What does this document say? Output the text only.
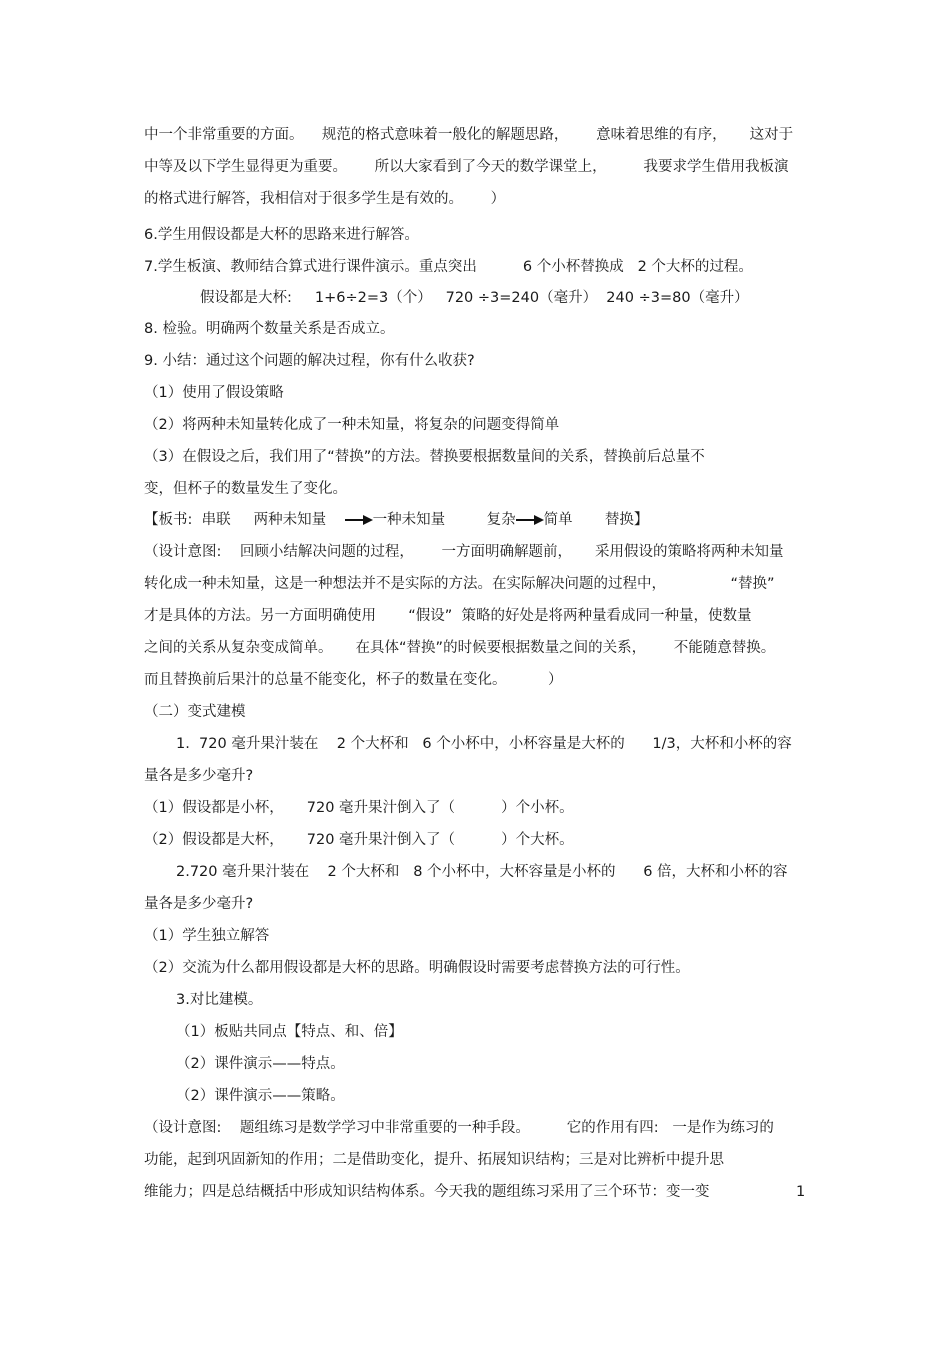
中一个非常重要的方面。    规范的格式意味着一般化的解题思路，      意味着思维的有序，     这对于
中等及以下学生显得更为重要。      所以大家看到了今天的数学课堂上，        我要求学生借用我板演
的格式进行解答，我相信对于很多学生是有效的。      ）
6.学生用假设都是大杯的思路来进行解答。
7.学生板演、教师结合算式进行课件演示。重点突出          6 个小杯替换成   2 个大杯的过程。
假设都是大杯:     1+6÷2=3（个）   720 ÷3=240（毫升）  240 ÷3=80（毫升）
8. 检验。明确两个数量关系是否成立。
9. 小结：通过这个问题的解决过程，你有什么收获?
（1）使用了假设策略
（2）将两种未知量转化成了一种未知量，将复杂的问题变得简单
（3）在假设之后，我们用了“替换”的方法。替换要根据数量间的关系，替换前后总量不
变，但杯子的数量发生了变化。
【板书:  串联     两种未知量    一种未知量         复杂 简单       替换】
（设计意图:    回顾小结解决问题的过程，      一方面明确解题前，     采用假设的策略将两种未知量
转化成一种未知量，这是一种想法并不是实际的方法。在实际解决问题的过程中，              “替换”
才是具体的方法。另一方面明确使用       “假设”  策略的好处是将两种量看成同一种量，使数量
之间的关系从复杂变成简单。     在具体“替换”的时候要根据数量之间的关系，      不能随意替换。
而且替换前后果汁的总量不能变化，杯子的数量在变化。         ）
（二）变式建模
1.  720 毫升果汁装在    2 个大杯和   6 个小杯中，小杯容量是大杯的      1/3，大杯和小杯的容
量各是多少毫升?
（1）假设都是小杯，     720 毫升果汁倒入了（          ）个小杯。
（2）假设都是大杯，     720 毫升果汁倒入了（          ）个大杯。
2.720 毫升果汁装在    2 个大杯和   8 个小杯中，大杯容量是小杯的      6 倍，大杯和小杯的容
量各是多少毫升?
（1）学生独立解答
（2）交流为什么都用假设都是大杯的思路。明确假设时需要考虑替换方法的可行性。
3.对比建模。
（1）板贴共同点【特点、和、倍】
（2）课件演示——特点。
（2）课件演示——策略。
（设计意图:    题组练习是数学学习中非常重要的一种手段。        它的作用有四:   一是作为练习的
功能，起到巩固新知的作用；二是借助变化，提升、拓展知识结构；三是对比辨析中提升思
维能力；四是总结概括中形成知识结构体系。今天我的题组练习采用了三个环节：变一变	1
